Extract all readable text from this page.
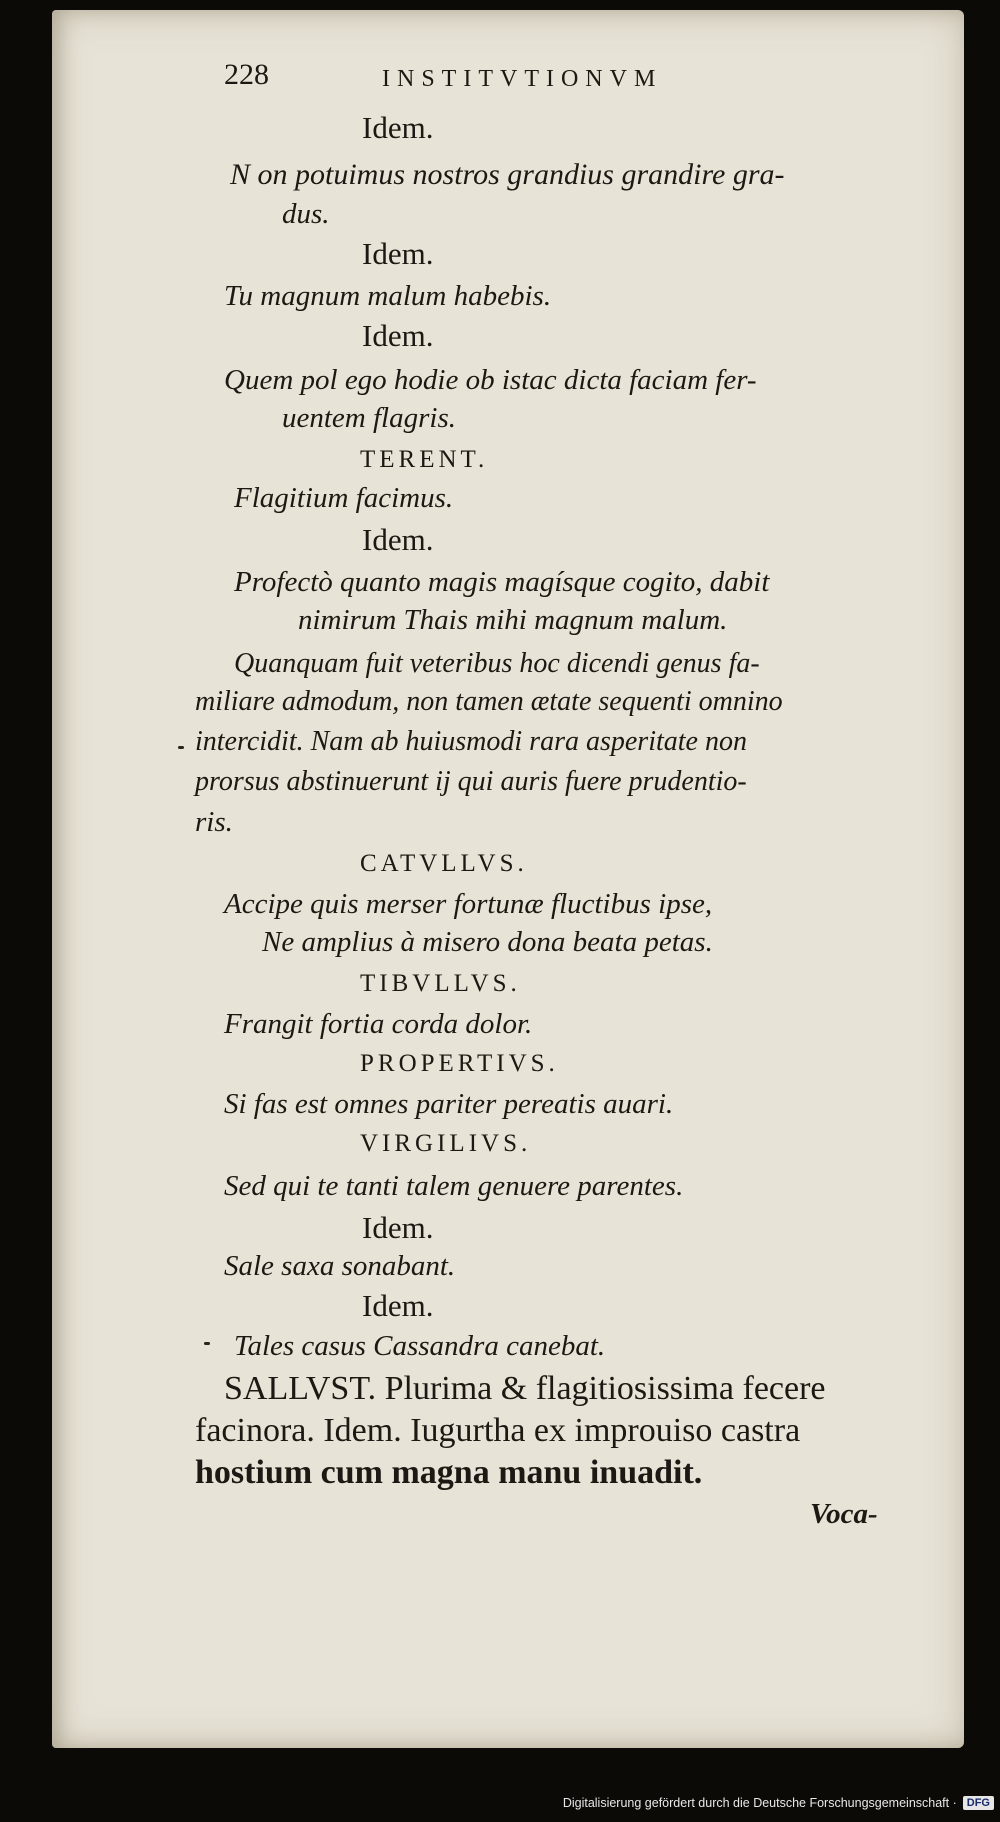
228	INSTITVTIONVM
Idem.
N on potuimus nostros grandius grandire gra-
dus.
Idem.
Tu magnum malum habebis.
Idem.
Quem pol ego hodie ob istac dicta faciam fer-
uentem flagris.
TERENT.
Flagitium facimus.
Idem.
Profectò quanto magis magísque cogito, dabit
nimirum Thais mihi magnum malum.
Quanquam fuit veteribus hoc dicendi genus fa-
miliare admodum, non tamen ætate sequenti omnino
intercidit. Nam ab huiusmodi rara asperitate non
prorsus abstinuerunt ij qui auris fuere prudentio-
ris.
CATVLLVS.
Accipe quis merser fortunæ fluctibus ipse,
Ne amplius à misero dona beata petas.
TIBVLLVS.
Frangit fortia corda dolor.
PROPERTIVS.
Si fas est omnes pariter pereatis auari.
VIRGILIVS.
Sed qui te tanti talem genuere parentes.
Idem.
Sale saxa sonabant.
Idem.
Tales casus Cassandra canebat.
SALLVST. Plurima & flagitiosissima fecere
facinora. Idem. Iugurtha ex improuiso castra
hostium cum magna manu inuadit.
Voca-
Digitalisierung gefördert durch die Deutsche Forschungsgemeinschaft · DFG
